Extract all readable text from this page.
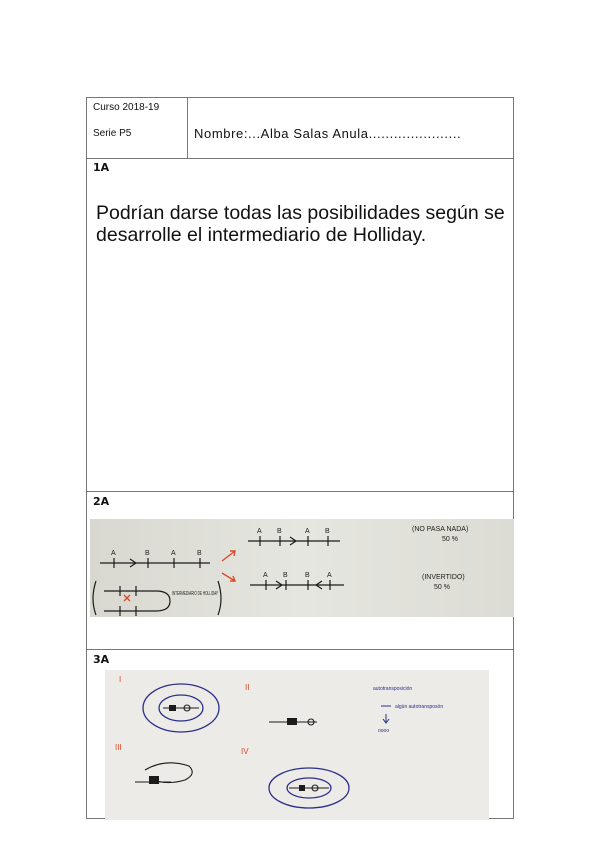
Curso 2018-19
Serie P5	Nombre:...Alba Salas Anula......................
1A
Podrían darse todas las posibilidades según se desarrolle el intermediario de Holliday.
2A
A	B	A	B
INTERMEDIARIO DE HOLLIDAY
A B	A B
A B B A
(NO PASA NADA)
50 %
(INVERTIDO)
50 %
3A
I
II
III	IV
autotransposición
algún autotransposón
oooo
